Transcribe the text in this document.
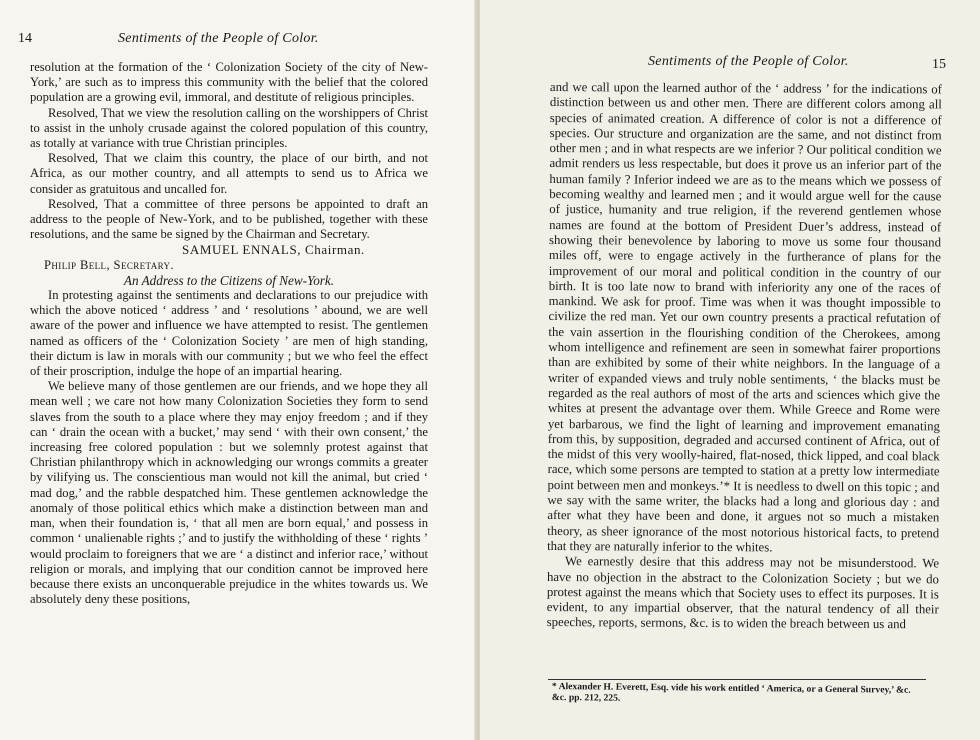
14	Sentiments of the People of Color.

resolution at the formation of the ‘ Colonization Society of the city of New-York,’ are such as to impress this community with the belief that the colored population are a growing evil, immoral, and destitute of religious principles.

Resolved, That we view the resolution calling on the worshippers of Christ to assist in the unholy crusade against the colored population of this country, as totally at variance with true Christian principles.

Resolved, That we claim this country, the place of our birth, and not Africa, as our mother country, and all attempts to send us to Africa we consider as gratuitous and uncalled for.

Resolved, That a committee of three persons be appointed to draft an address to the people of New-York, and to be published, together with these resolutions, and the same be signed by the Chairman and Secretary.

SAMUEL ENNALS, Chairman.

Philip Bell, Secretary.

An Address to the Citizens of New-York.

In protesting against the sentiments and declarations to our prejudice with which the above noticed ‘ address ’ and ‘ resolutions ’ abound, we are well aware of the power and influence we have attempted to resist. The gentlemen named as officers of the ‘ Colonization Society ’ are men of high standing, their dictum is law in morals with our community ; but we who feel the effect of their proscription, indulge the hope of an impartial hearing.

We believe many of those gentlemen are our friends, and we hope they all mean well ; we care not how many Colonization Societies they form to send slaves from the south to a place where they may enjoy freedom ; and if they can ‘ drain the ocean with a bucket,’ may send ‘ with their own consent,’ the increasing free colored population : but we solemnly protest against that Christian philanthropy which in acknowledging our wrongs commits a greater by vilifying us. The conscientious man would not kill the animal, but cried ‘ mad dog,’ and the rabble despatched him. These gentlemen acknowledge the anomaly of those political ethics which make a distinction between man and man, when their foundation is, ‘ that all men are born equal,’ and possess in common ‘ unalienable rights ;’ and to justify the withholding of these ‘ rights ’ would proclaim to foreigners that we are ‘ a distinct and inferior race,’ without religion or morals, and implying that our condition cannot be improved here because there exists an unconquerable prejudice in the whites towards us. We absolutely deny these positions,

Sentiments of the People of Color.	15

and we call upon the learned author of the ‘ address ’ for the indications of distinction between us and other men. There are different colors among all species of animated creation. A difference of color is not a difference of species. Our structure and organization are the same, and not distinct from other men ; and in what respects are we inferior ? Our political condition we admit renders us less respectable, but does it prove us an inferior part of the human family ? Inferior indeed we are as to the means which we possess of becoming wealthy and learned men ; and it would argue well for the cause of justice, humanity and true religion, if the reverend gentlemen whose names are found at the bottom of President Duer’s address, instead of showing their benevolence by laboring to move us some four thousand miles off, were to engage actively in the furtherance of plans for the improvement of our moral and political condition in the country of our birth. It is too late now to brand with inferiority any one of the races of mankind. We ask for proof. Time was when it was thought impossible to civilize the red man. Yet our own country presents a practical refutation of the vain assertion in the flourishing condition of the Cherokees, among whom intelligence and refinement are seen in somewhat fairer proportions than are exhibited by some of their white neighbors. In the language of a writer of expanded views and truly noble sentiments, ‘ the blacks must be regarded as the real authors of most of the arts and sciences which give the whites at present the advantage over them. While Greece and Rome were yet barbarous, we find the light of learning and improvement emanating from this, by supposition, degraded and accursed continent of Africa, out of the midst of this very woolly-haired, flat-nosed, thick lipped, and coal black race, which some persons are tempted to station at a pretty low intermediate point between men and monkeys.’* It is needless to dwell on this topic ; and we say with the same writer, the blacks had a long and glorious day : and after what they have been and done, it argues not so much a mistaken theory, as sheer ignorance of the most notorious historical facts, to pretend that they are naturally inferior to the whites.

We earnestly desire that this address may not be misunderstood. We have no objection in the abstract to the Colonization Society ; but we do protest against the means which that Society uses to effect its purposes. It is evident, to any impartial observer, that the natural tendency of all their speeches, reports, sermons, &c. is to widen the breach between us and

* Alexander H. Everett, Esq. vide his work entitled ‘ America, or a General Survey,’ &c. &c. pp. 212, 225.
